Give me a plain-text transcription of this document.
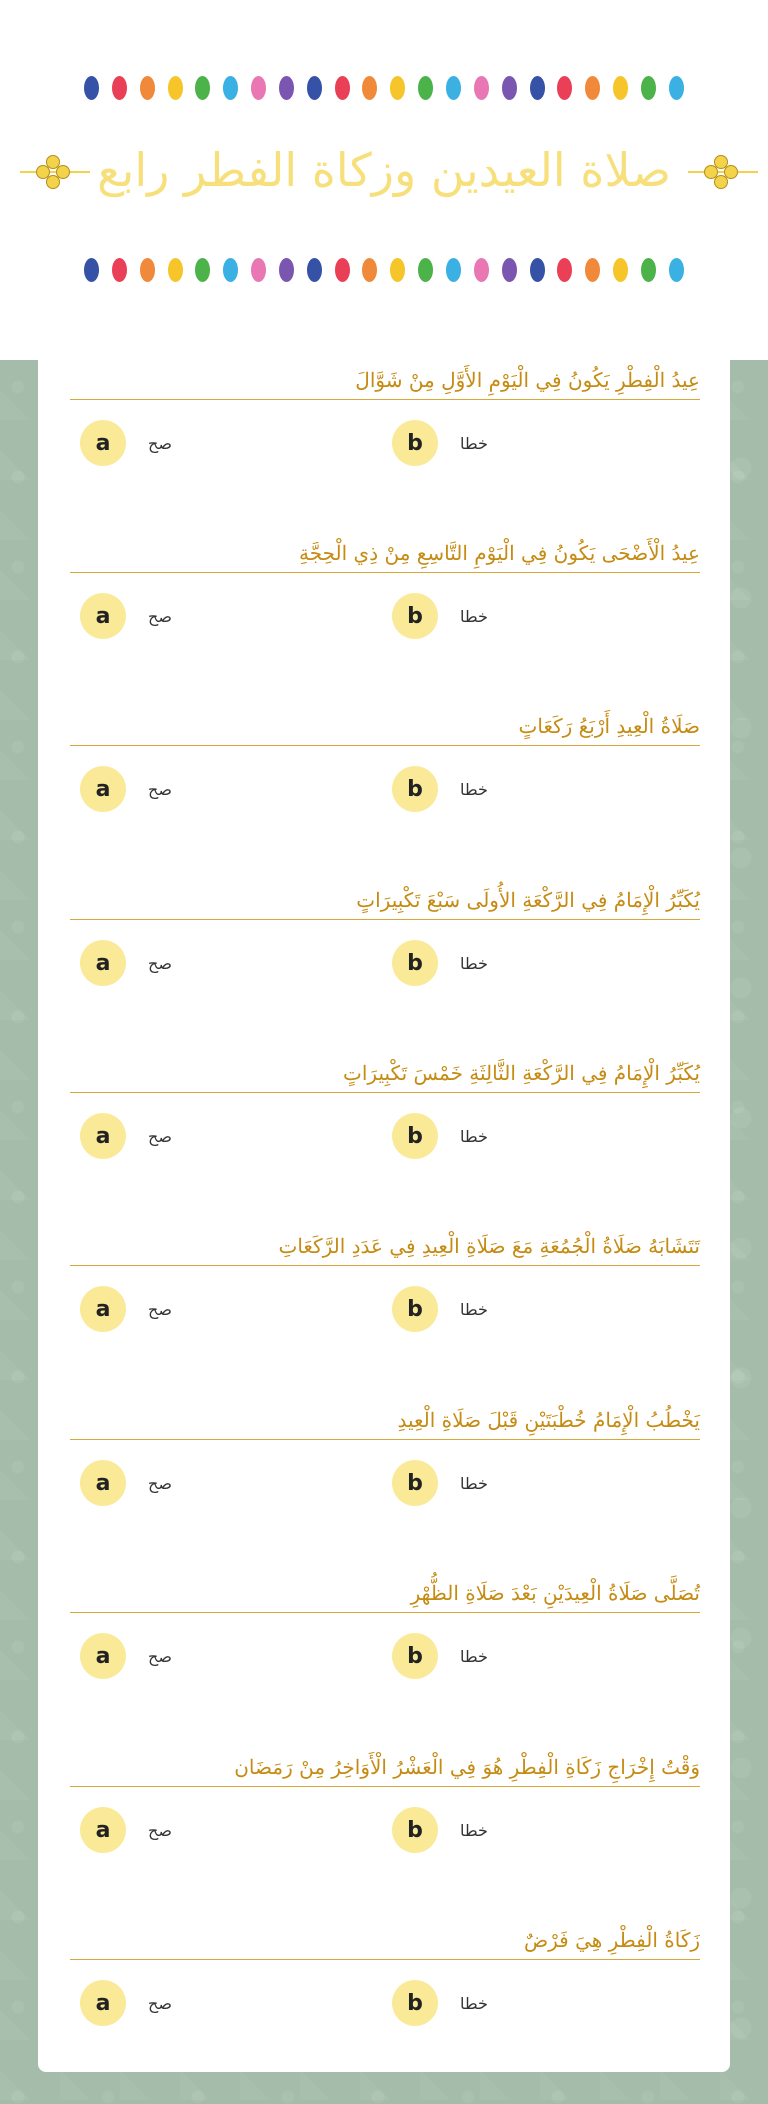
صلاة العيدين وزكاة الفطر رابع
عِيدُ الْفِطْرِ يَكُونُ فِي الْيَوْمِ الأَوَّلِ مِنْ شَوَّالَ
a	صح	b	خطا
عِيدُ الْأَضْحَى يَكُونُ فِي الْيَوْمِ التَّاسِعِ مِنْ ذِي الْحِجَّةِ
a	صح	b	خطا
صَلَاةُ الْعِيدِ أَرْبَعُ رَكَعَاتٍ
a	صح	b	خطا
يُكَبِّرُ الْإِمَامُ فِي الرَّكْعَةِ الأُولَى سَبْعَ تَكْبِيرَاتٍ
a	صح	b	خطا
يُكَبِّرُ الْإِمَامُ فِي الرَّكْعَةِ الثَّالِثَةِ خَمْسَ تَكْبِيرَاتٍ
a	صح	b	خطا
تَتَشَابَهُ صَلَاةُ الْجُمُعَةِ مَعَ صَلَاةِ الْعِيدِ فِي عَدَدِ الرَّكَعَاتِ
a	صح	b	خطا
يَخْطُبُ الْإِمَامُ خُطْبَتَيْنِ قَبْلَ صَلَاةِ الْعِيدِ
a	صح	b	خطا
تُصَلَّى صَلَاةُ الْعِيدَيْنِ بَعْدَ صَلَاةِ الظُّهْرِ
a	صح	b	خطا
وَقْتُ إِخْرَاجِ زَكَاةِ الْفِطْرِ هُوَ فِي الْعَشْرُ الْأَوَاخِرُ مِنْ رَمَضَان
a	صح	b	خطا
زَكَاةُ الْفِطْرِ هِيَ فَرْضٌ
a	صح	b	خطا
